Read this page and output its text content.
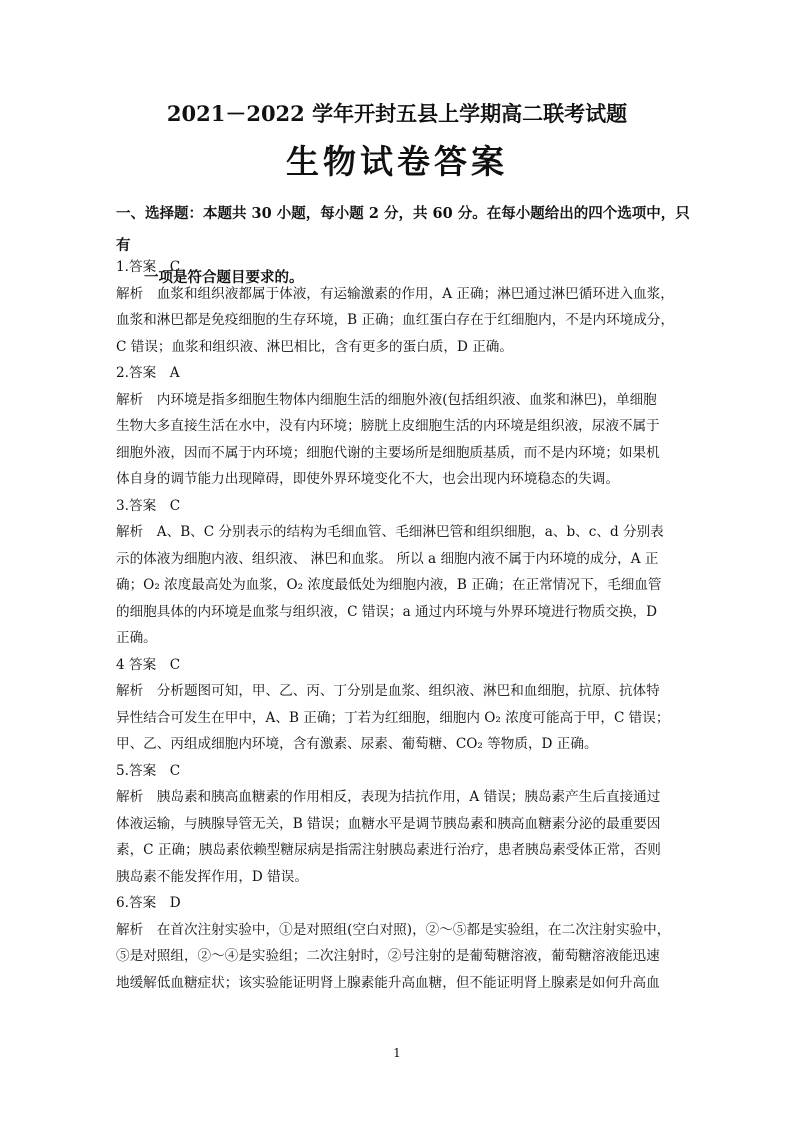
2021－2022 学年开封五县上学期高二联考试题
生物试卷答案
一、选择题：本题共 30 小题，每小题 2 分，共 60 分。在每小题给出的四个选项中，只有
一项是符合题目要求的。
1.答案　C
解析　血浆和组织液都属于体液，有运输激素的作用，A 正确；淋巴通过淋巴循环进入血浆，
血浆和淋巴都是免疫细胞的生存环境，B 正确；血红蛋白存在于红细胞内，不是内环境成分，
C 错误；血浆和组织液、淋巴相比，含有更多的蛋白质，D 正确。
2.答案　A
解析　内环境是指多细胞生物体内细胞生活的细胞外液(包括组织液、血浆和淋巴)，单细胞
生物大多直接生活在水中，没有内环境；膀胱上皮细胞生活的内环境是组织液，尿液不属于
细胞外液，因而不属于内环境；细胞代谢的主要场所是细胞质基质，而不是内环境；如果机
体自身的调节能力出现障碍，即使外界环境变化不大，也会出现内环境稳态的失调。
3.答案　C
解析　A、B、C 分别表示的结构为毛细血管、毛细淋巴管和组织细胞，a、b、c、d 分别表
示的体液为细胞内液、组织液、 淋巴和血浆。 所以 a 细胞内液不属于内环境的成分，A 正
确；O₂ 浓度最高处为血浆，O₂ 浓度最低处为细胞内液，B 正确；在正常情况下，毛细血管
的细胞具体的内环境是血浆与组织液，C 错误；a 通过内环境与外界环境进行物质交换，D
正确。
4 答案　C
解析　分析题图可知，甲、乙、丙、丁分别是血浆、组织液、淋巴和血细胞，抗原、抗体特
异性结合可发生在甲中，A、B 正确；丁若为红细胞，细胞内 O₂ 浓度可能高于甲，C 错误；
甲、乙、丙组成细胞内环境，含有激素、尿素、葡萄糖、CO₂ 等物质，D 正确。
5.答案　C
解析　胰岛素和胰高血糖素的作用相反，表现为拮抗作用，A 错误；胰岛素产生后直接通过
体液运输，与胰腺导管无关，B 错误；血糖水平是调节胰岛素和胰高血糖素分泌的最重要因
素，C 正确；胰岛素依赖型糖尿病是指需注射胰岛素进行治疗，患者胰岛素受体正常，否则
胰岛素不能发挥作用，D 错误。
6.答案　D
解析　在首次注射实验中，①是对照组(空白对照)，②～⑤都是实验组，在二次注射实验中，
⑤是对照组，②～④是实验组；二次注射时，②号注射的是葡萄糖溶液，葡萄糖溶液能迅速
地缓解低血糖症状；该实验能证明肾上腺素能升高血糖，但不能证明肾上腺素是如何升高血
1
